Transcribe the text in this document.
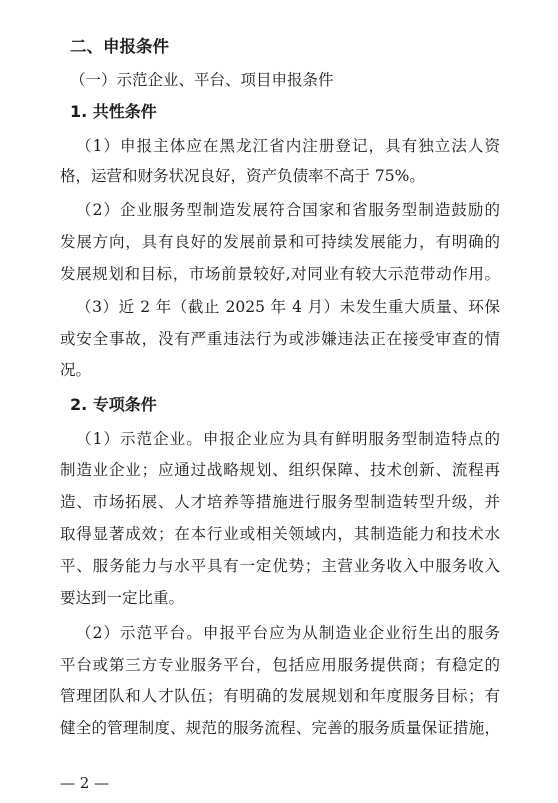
二、申报条件
（一）示范企业、平台、项目申报条件
1. 共性条件
（1）申报主体应在黑龙江省内注册登记，具有独立法人资
格，运营和财务状况良好，资产负债率不高于 75%。
（2）企业服务型制造发展符合国家和省服务型制造鼓励的
发展方向，具有良好的发展前景和可持续发展能力，有明确的
发展规划和目标，市场前景较好,对同业有较大示范带动作用。
（3）近 2 年（截止 2025 年 4 月）未发生重大质量、环保
或安全事故，没有严重违法行为或涉嫌违法正在接受审查的情
况。
2. 专项条件
（1）示范企业。申报企业应为具有鲜明服务型制造特点的
制造业企业；应通过战略规划、组织保障、技术创新、流程再
造、市场拓展、人才培养等措施进行服务型制造转型升级，并
取得显著成效；在本行业或相关领域内，其制造能力和技术水
平、服务能力与水平具有一定优势；主营业务收入中服务收入
要达到一定比重。
（2）示范平台。申报平台应为从制造业企业衍生出的服务
平台或第三方专业服务平台，包括应用服务提供商；有稳定的
管理团队和人才队伍；有明确的发展规划和年度服务目标；有
健全的管理制度、规范的服务流程、完善的服务质量保证措施，
— 2 —
